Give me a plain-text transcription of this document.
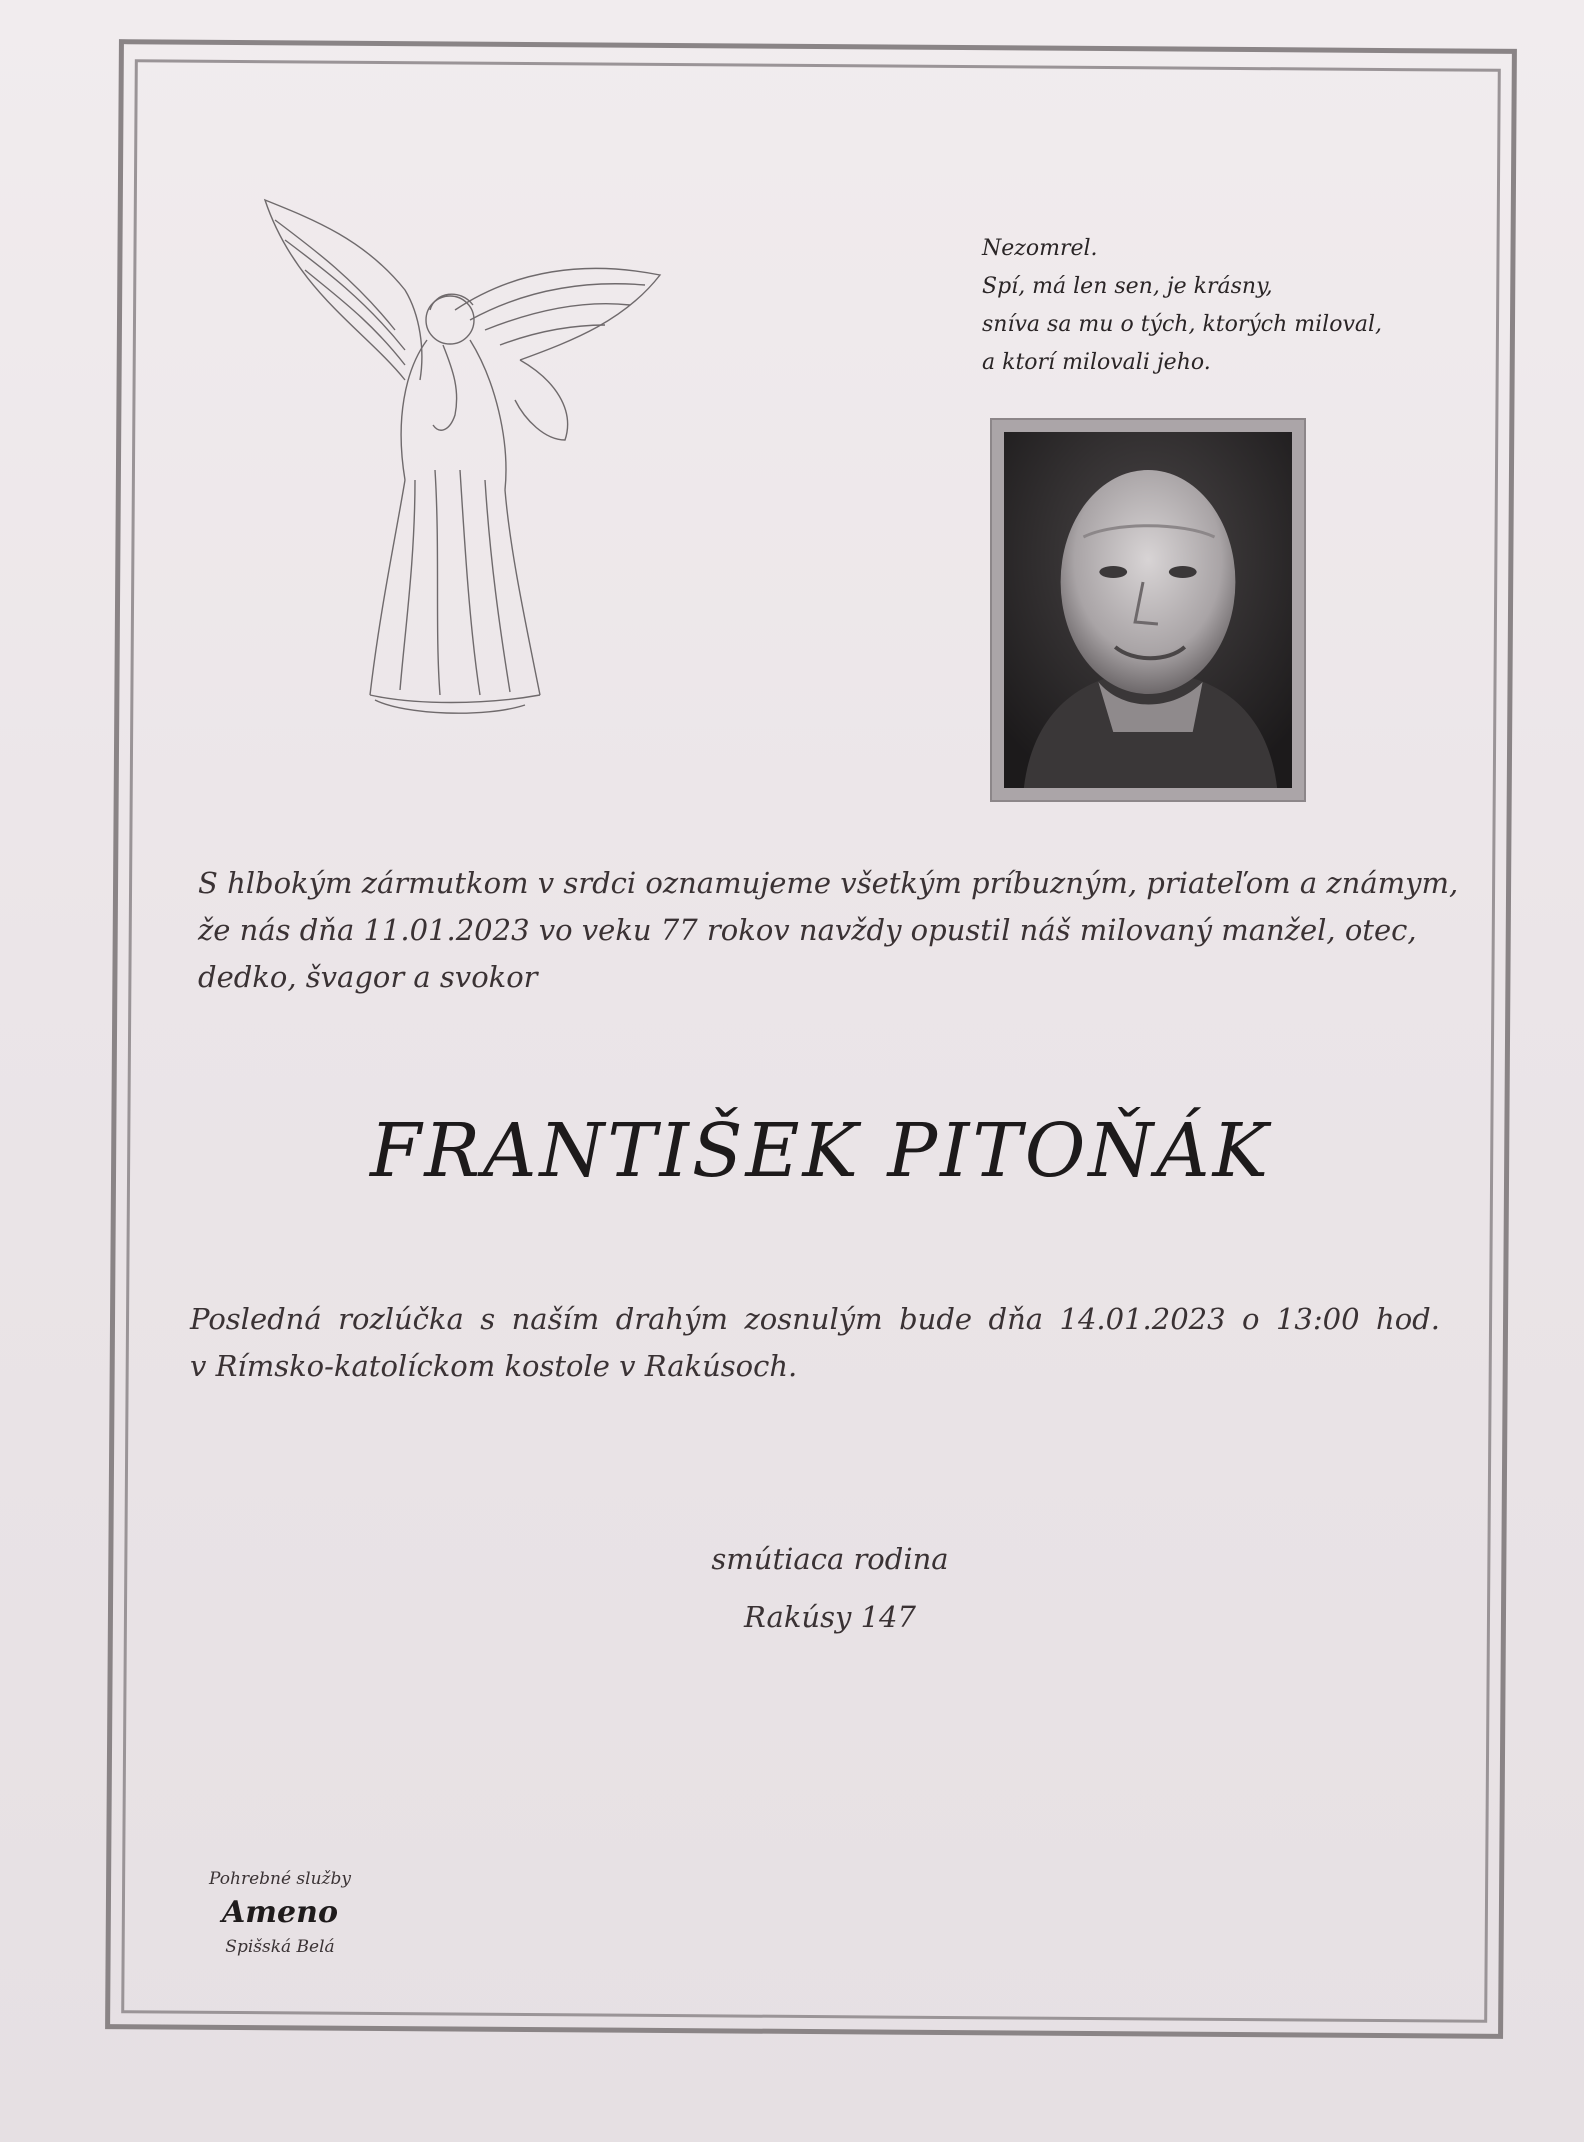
Nezomrel.
Spí, má len sen, je krásny,
sníva sa mu o tých, ktorých miloval,
a ktorí milovali jeho.
S hlbokým zármutkom v srdci oznamujeme všetkým príbuzným, priateľom a známym,
že nás dňa 11.01.2023 vo veku 77 rokov navždy opustil náš milovaný manžel, otec,
dedko, švagor a svokor
FRANTIŠEK PITOŇÁK
Posledná rozlúčka s naším drahým zosnulým bude dňa 14.01.2023 o 13:00 hod.
v Rímsko-katolíckom kostole v Rakúsoch.
smútiaca rodina
Rakúsy 147
Pohrebné služby
Ameno
Spišská Belá
